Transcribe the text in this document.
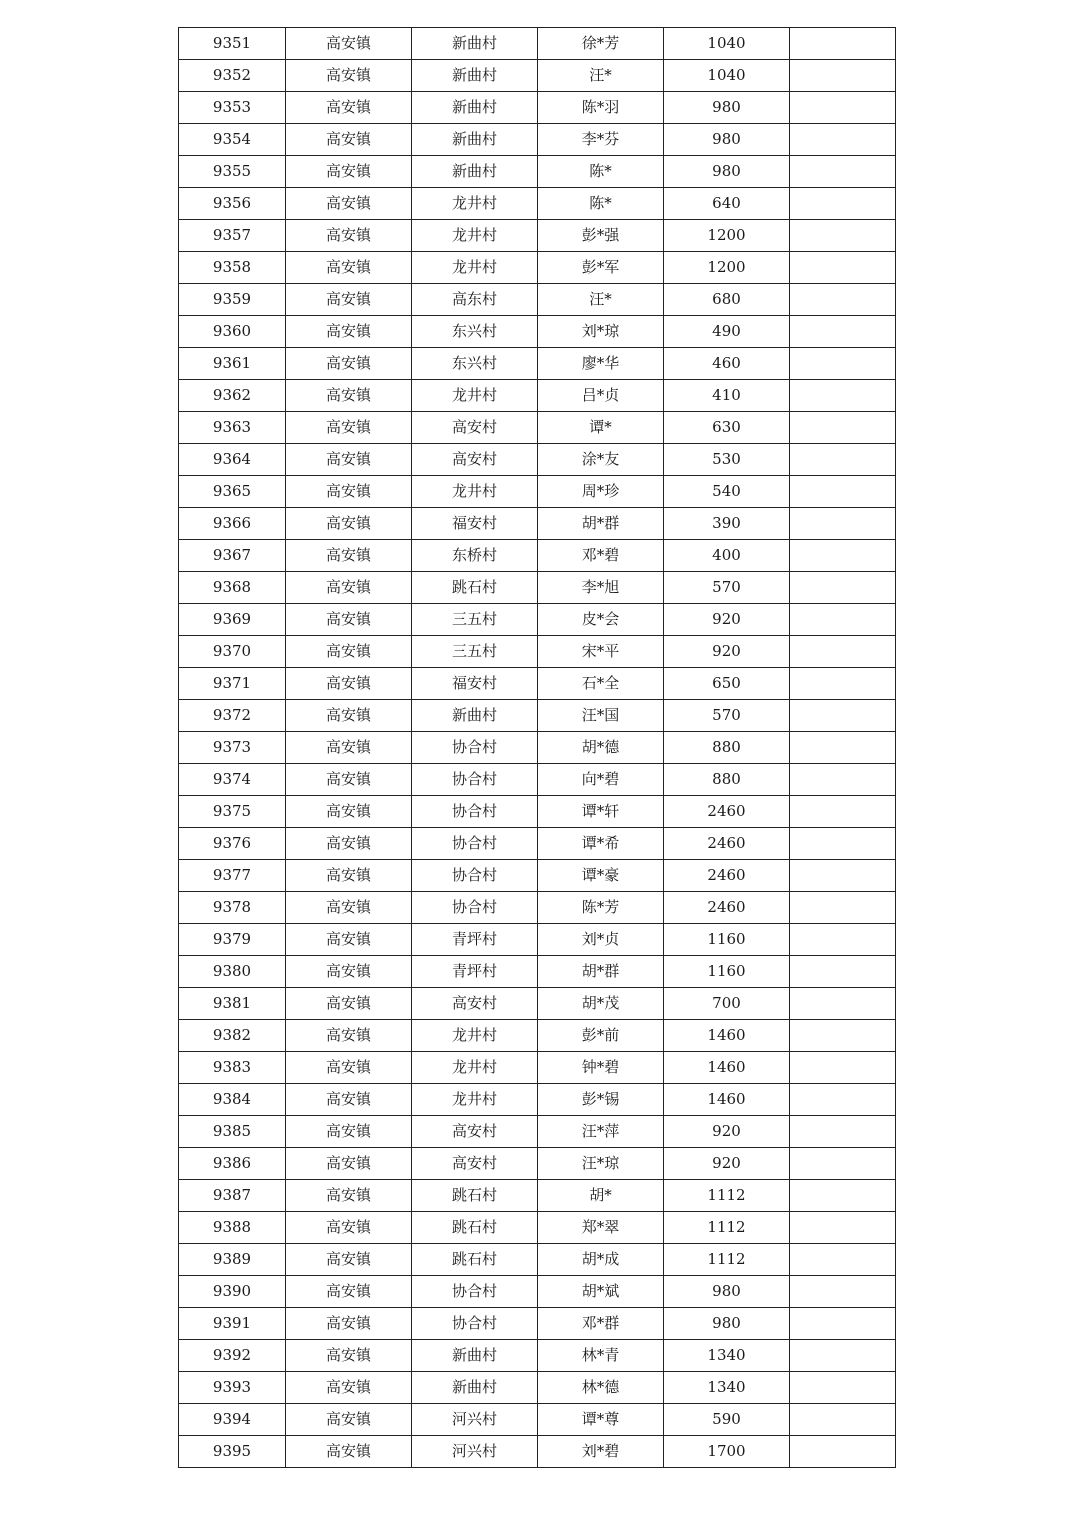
9351	高安镇	新曲村	徐*芳	1040	
9352	高安镇	新曲村	汪*	1040	
9353	高安镇	新曲村	陈*羽	980	
9354	高安镇	新曲村	李*芬	980	
9355	高安镇	新曲村	陈*	980	
9356	高安镇	龙井村	陈*	640	
9357	高安镇	龙井村	彭*强	1200	
9358	高安镇	龙井村	彭*军	1200	
9359	高安镇	高东村	汪*	680	
9360	高安镇	东兴村	刘*琼	490	
9361	高安镇	东兴村	廖*华	460	
9362	高安镇	龙井村	吕*贞	410	
9363	高安镇	高安村	谭*	630	
9364	高安镇	高安村	涂*友	530	
9365	高安镇	龙井村	周*珍	540	
9366	高安镇	福安村	胡*群	390	
9367	高安镇	东桥村	邓*碧	400	
9368	高安镇	跳石村	李*旭	570	
9369	高安镇	三五村	皮*会	920	
9370	高安镇	三五村	宋*平	920	
9371	高安镇	福安村	石*全	650	
9372	高安镇	新曲村	汪*国	570	
9373	高安镇	协合村	胡*德	880	
9374	高安镇	协合村	向*碧	880	
9375	高安镇	协合村	谭*轩	2460	
9376	高安镇	协合村	谭*希	2460	
9377	高安镇	协合村	谭*豪	2460	
9378	高安镇	协合村	陈*芳	2460	
9379	高安镇	青坪村	刘*贞	1160	
9380	高安镇	青坪村	胡*群	1160	
9381	高安镇	高安村	胡*茂	700	
9382	高安镇	龙井村	彭*前	1460	
9383	高安镇	龙井村	钟*碧	1460	
9384	高安镇	龙井村	彭*锡	1460	
9385	高安镇	高安村	汪*萍	920	
9386	高安镇	高安村	汪*琼	920	
9387	高安镇	跳石村	胡*	1112	
9388	高安镇	跳石村	郑*翠	1112	
9389	高安镇	跳石村	胡*成	1112	
9390	高安镇	协合村	胡*斌	980	
9391	高安镇	协合村	邓*群	980	
9392	高安镇	新曲村	林*青	1340	
9393	高安镇	新曲村	林*德	1340	
9394	高安镇	河兴村	谭*尊	590	
9395	高安镇	河兴村	刘*碧	1700	
